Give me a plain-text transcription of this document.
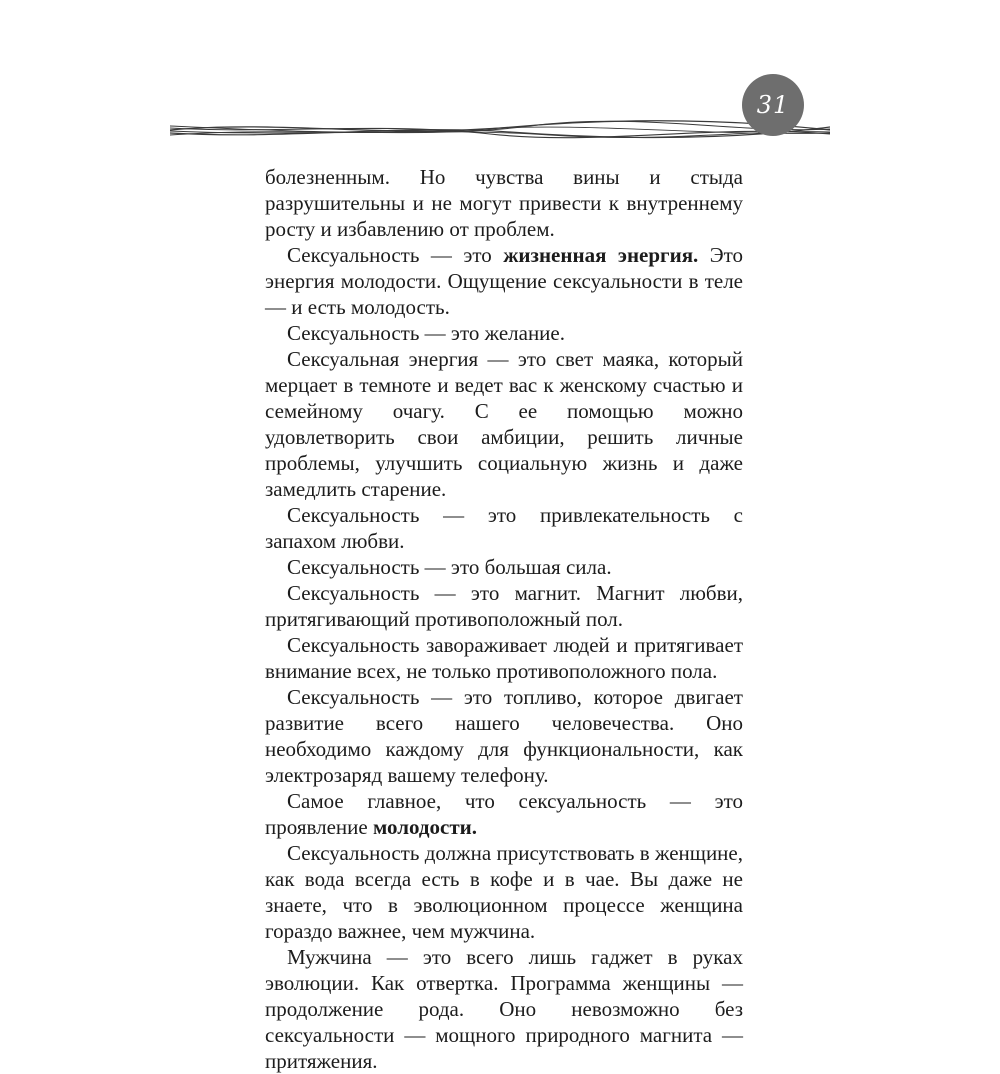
31

болезненным. Но чувства вины и стыда разрушительны и не могут привести к внутреннему росту и избавлению от проблем.

Сексуальность — это жизненная энергия. Это энергия молодости. Ощущение сексуальности в теле — и есть молодость.

Сексуальность — это желание.

Сексуальная энергия — это свет маяка, который мерцает в темноте и ведет вас к женскому счастью и семейному очагу. С ее помощью можно удовлетворить свои амбиции, решить личные проблемы, улучшить социальную жизнь и даже замедлить старение.

Сексуальность — это привлекательность с запахом любви.

Сексуальность — это большая сила.

Сексуальность — это магнит. Магнит любви, притягивающий противоположный пол.

Сексуальность завораживает людей и притягивает внимание всех, не только противоположного пола.

Сексуальность — это топливо, которое двигает развитие всего нашего человечества. Оно необходимо каждому для функциональности, как электрозаряд вашему телефону.

Самое главное, что сексуальность — это проявление молодости.

Сексуальность должна присутствовать в женщине, как вода всегда есть в кофе и в чае. Вы даже не знаете, что в эволюционном процессе женщина гораздо важнее, чем мужчина.

Мужчина — это всего лишь гаджет в руках эволюции. Как отвертка. Программа женщины — продолжение рода. Оно невозможно без сексуальности — мощного природного магнита — притяжения.
